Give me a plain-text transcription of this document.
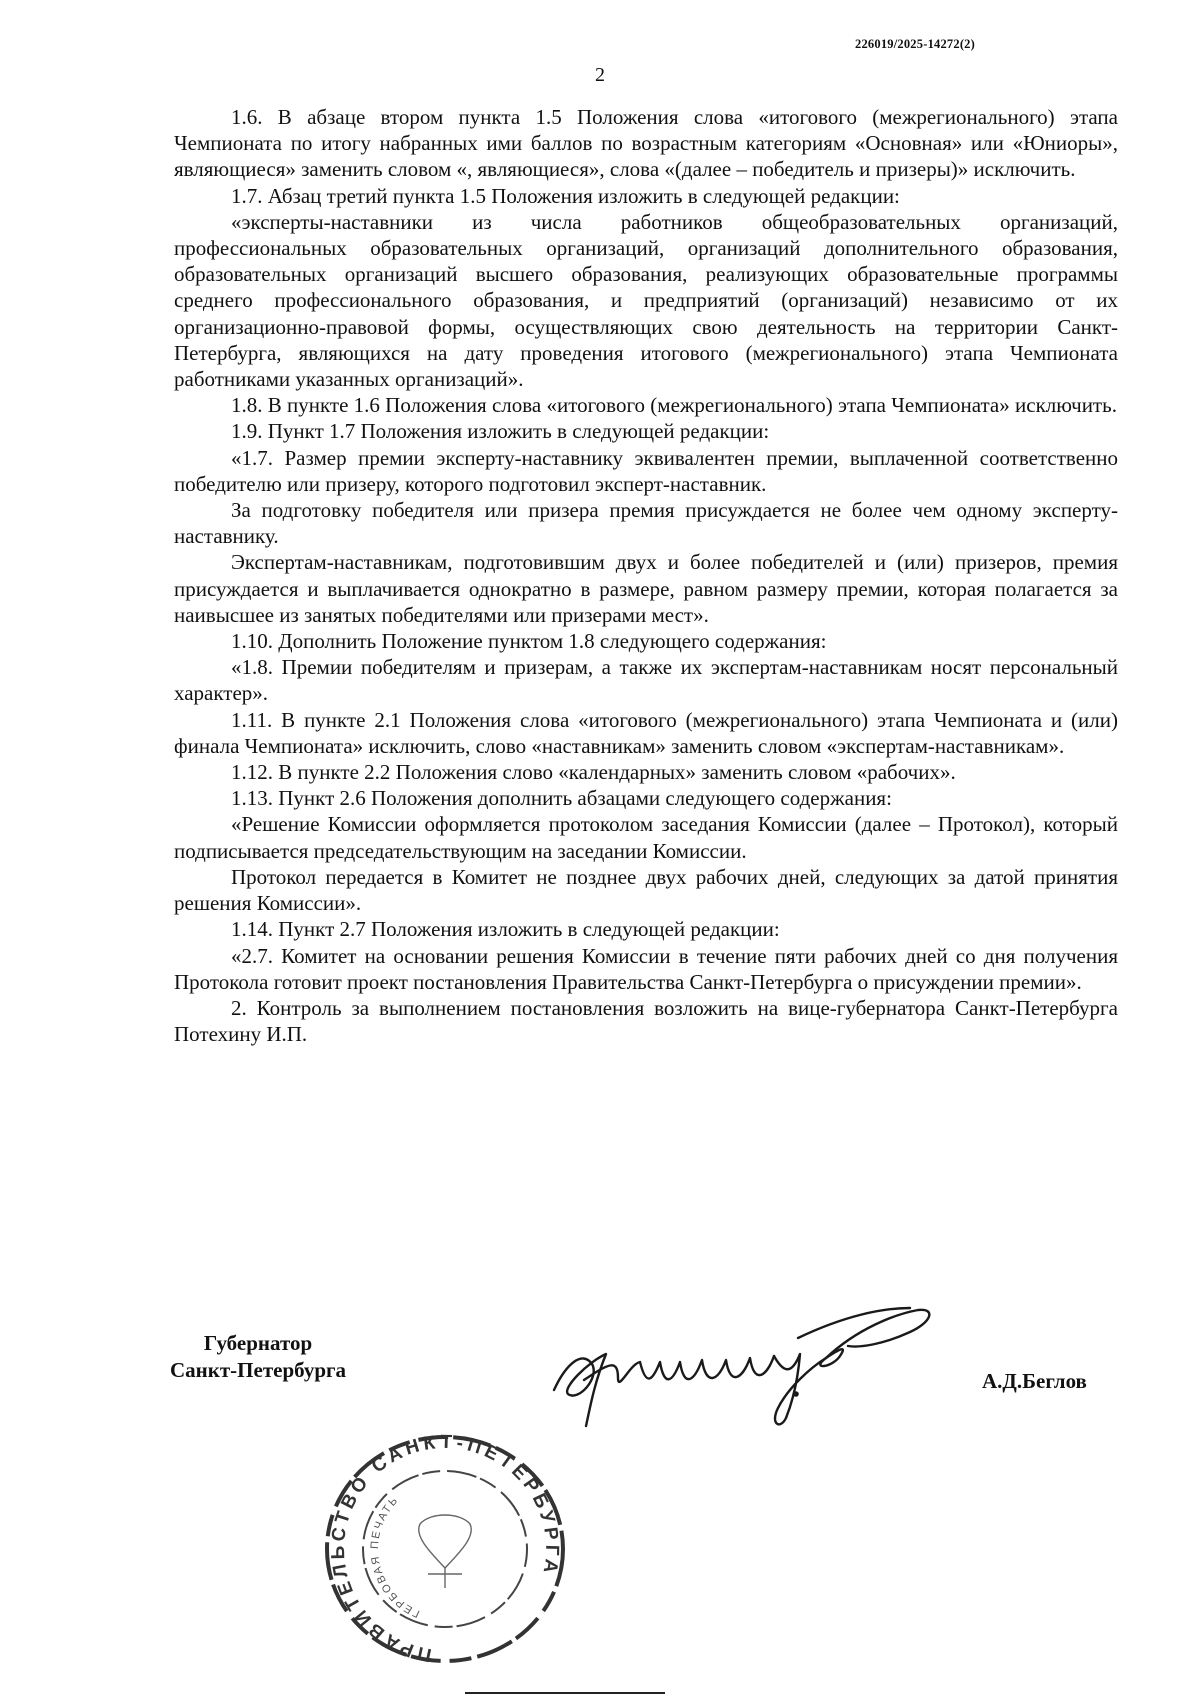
226019/2025-14272(2)
2

1.6. В абзаце втором пункта 1.5 Положения слова «итогового (межрегионального) этапа Чемпионата по итогу набранных ими баллов по возрастным категориям «Основная» или «Юниоры», являющиеся» заменить словом «, являющиеся», слова «(далее – победитель и призеры)» исключить.

1.7. Абзац третий пункта 1.5 Положения изложить в следующей редакции:

«эксперты-наставники из числа работников общеобразовательных организаций, профессиональных образовательных организаций, организаций дополнительного образования, образовательных организаций высшего образования, реализующих образовательные программы среднего профессионального образования, и предприятий (организаций) независимо от их организационно-правовой формы, осуществляющих свою деятельность на территории Санкт-Петербурга, являющихся на дату проведения итогового (межрегионального) этапа Чемпионата работниками указанных организаций».

1.8. В пункте 1.6 Положения слова «итогового (межрегионального) этапа Чемпионата» исключить.

1.9. Пункт 1.7 Положения изложить в следующей редакции:

«1.7. Размер премии эксперту-наставнику эквивалентен премии, выплаченной соответственно победителю или призеру, которого подготовил эксперт-наставник.

За подготовку победителя или призера премия присуждается не более чем одному эксперту-наставнику.

Экспертам-наставникам, подготовившим двух и более победителей и (или) призеров, премия присуждается и выплачивается однократно в размере, равном размеру премии, которая полагается за наивысшее из занятых победителями или призерами мест».

1.10. Дополнить Положение пунктом 1.8 следующего содержания:

«1.8. Премии победителям и призерам, а также их экспертам-наставникам носят персональный характер».

1.11. В пункте 2.1 Положения слова «итогового (межрегионального) этапа Чемпионата и (или) финала Чемпионата» исключить, слово «наставникам» заменить словом «экспертам-наставникам».

1.12. В пункте 2.2 Положения слово «календарных» заменить словом «рабочих».

1.13. Пункт 2.6 Положения дополнить абзацами следующего содержания:

«Решение Комиссии оформляется протоколом заседания Комиссии (далее – Протокол), который подписывается председательствующим на заседании Комиссии.

Протокол передается в Комитет не позднее двух рабочих дней, следующих за датой принятия решения Комиссии».

1.14. Пункт 2.7 Положения изложить в следующей редакции:

«2.7. Комитет на основании решения Комиссии в течение пяти рабочих дней со дня получения Протокола готовит проект постановления Правительства Санкт-Петербурга о присуждении премии».

2. Контроль за выполнением постановления возложить на вице-губернатора Санкт-Петербурга Потехину И.П.

Губернатор
Санкт-Петербурга	А.Д.Беглов
ПРАВИТЕЛЬСТВО САНКТ-ПЕТЕРБУРГА
ГЕРБОВАЯ ПЕЧАТЬ
